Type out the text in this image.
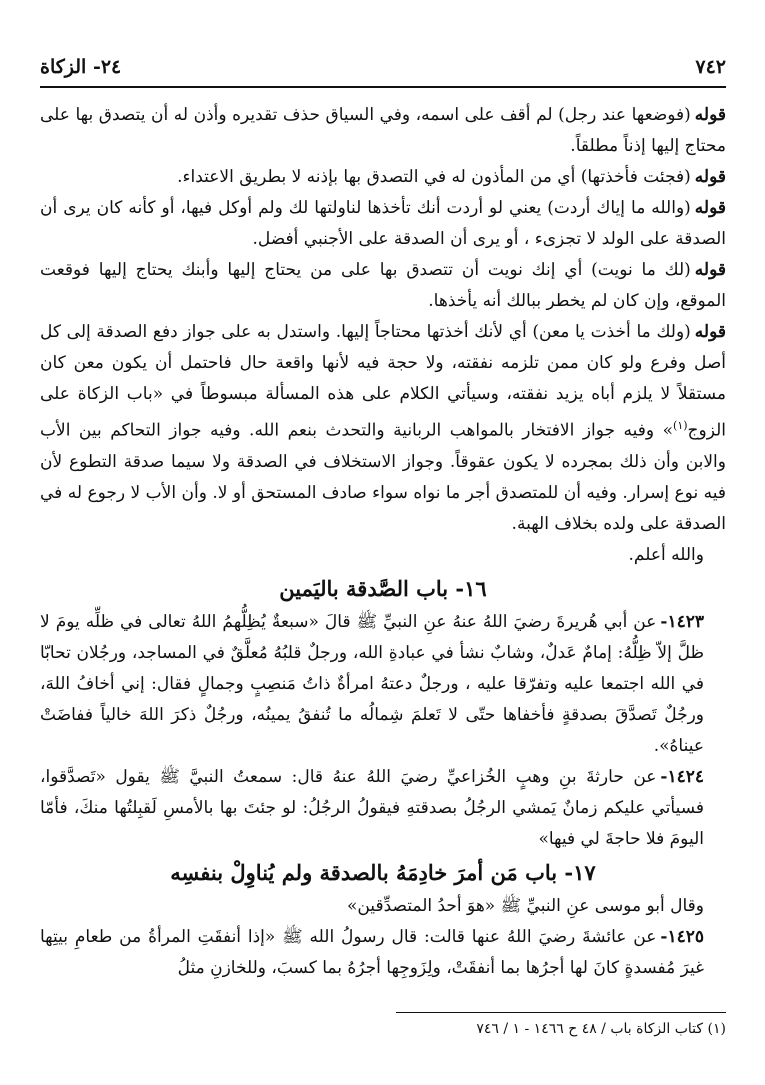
٧٤٢
٢٤- الزكاة

قوله(فوضعها عند رجل) لم أقف على اسمه، وفي السياق حذف تقديره وأذن له أن يتصدق بها على محتاج إليها إذناً مطلقاً.

قوله(فجئت فأخذتها) أي من المأذون له في التصدق بها بإذنه لا بطريق الاعتداء.

قوله(والله ما إياك أردت) يعني لو أردت أنك تأخذها لناولتها لك ولم أوكل فيها، أو كأنه كان يرى أن الصدقة على الولد لا تجزىء ، أو يرى أن الصدقة على الأجنبي أفضل.

قوله(لك ما نويت) أي إنك نويت أن تتصدق بها على من يحتاج إليها وأبنك يحتاج إليها فوقعت الموقع، وإن كان لم يخطر ببالك أنه يأخذها.

قوله(ولك ما أخذت يا معن) أي لأنك أخذتها محتاجاً إليها. واستدل به على جواز دفع الصدقة إلى كل أصل وفرع ولو كان ممن تلزمه نفقته، ولا حجة فيه لأنها واقعة حال فاحتمل أن يكون معن كان مستقلاً لا يلزم أباه يزيد نفقته، وسيأتي الكلام على هذه المسألة مبسوطاً في «باب الزكاة على الزوج$^{(١)}$» وفيه جواز الافتخار بالمواهب الربانية والتحدث بنعم الله. وفيه جواز التحاكم بين الأب والابن وأن ذلك بمجرده لا يكون عقوقاً. وجواز الاستخلاف في الصدقة ولا سيما صدقة التطوع لأن فيه نوع إسرار. وفيه أن للمتصدق أجر ما نواه سواء صادف المستحق أو لا. وأن الأب لا رجوع له في الصدقة على ولده بخلاف الهبة.

والله أعلم.

١٦- باب الصَّدقة باليَمين

١٤٢٣-عن أبي هُريرةَ رضيَ اللهُ عنهُ عنِ النبيِّ ﷺ قالَ «سبعةٌ يُظِلُّهمُ اللهُ تعالى في ظلِّه يومَ لا ظلَّ إلاّ ظِلُّهُ: إمامٌ عَدلٌ، وشابٌ نشأ في عبادةِ الله، ورجلٌ قلبُهُ مُعلَّقٌ في المساجد، ورجُلان تحابّا في الله اجتمعا عليه وتفرّقا عليه ، ورجلٌ دعتهُ امرأةٌ ذاتُ مَنصِبٍ وجمالٍ فقال: إني أخافُ اللهَ، ورجُلٌ تَصدَّقَ بصدقةٍ فأخفاها حتّى لا تَعلمَ شِمالُه ما تُنفقُ يمينُه، ورجُلٌ ذكرَ اللهَ خالياً ففاضَتْ عيناهُ».

١٤٢٤-عن حارثةَ بنِ وهبٍ الخُزاعيِّ رضيَ اللهُ عنهُ قال: سمعتُ النبيَّ ﷺ يقول «تَصدَّقوا، فسيأتي عليكم زمانٌ يَمشي الرجُلُ بصدقتهِ فيقولُ الرجُلُ: لو جئتَ بها بالأمسِ لَقبِلتُها منكَ، فأمّا اليومَ فلا حاجةَ لي فيها»

١٧- باب مَن أمرَ خادِمَهُ بالصدقة ولم يُناوِلْ بنفسِه

وقال أبو موسى عنِ النبيِّ ﷺ «هوَ أحدُ المتصدِّقين»

١٤٢٥-عن عائشةَ رضيَ اللهُ عنها قالت: قال رسولُ الله ﷺ «إذا أنفقَتِ المرأةُ من طعامِ بيتِها غيرَ مُفسدةٍ كانَ لها أجرُها بما أنفقَتْ، ولِزَوجِها أجرُهُ بما كسبَ، وللخازنِ مثلُ

(١) كتاب الزكاة باب / ٤٨ ح ١٤٦٦ - ١ / ٧٤٦
